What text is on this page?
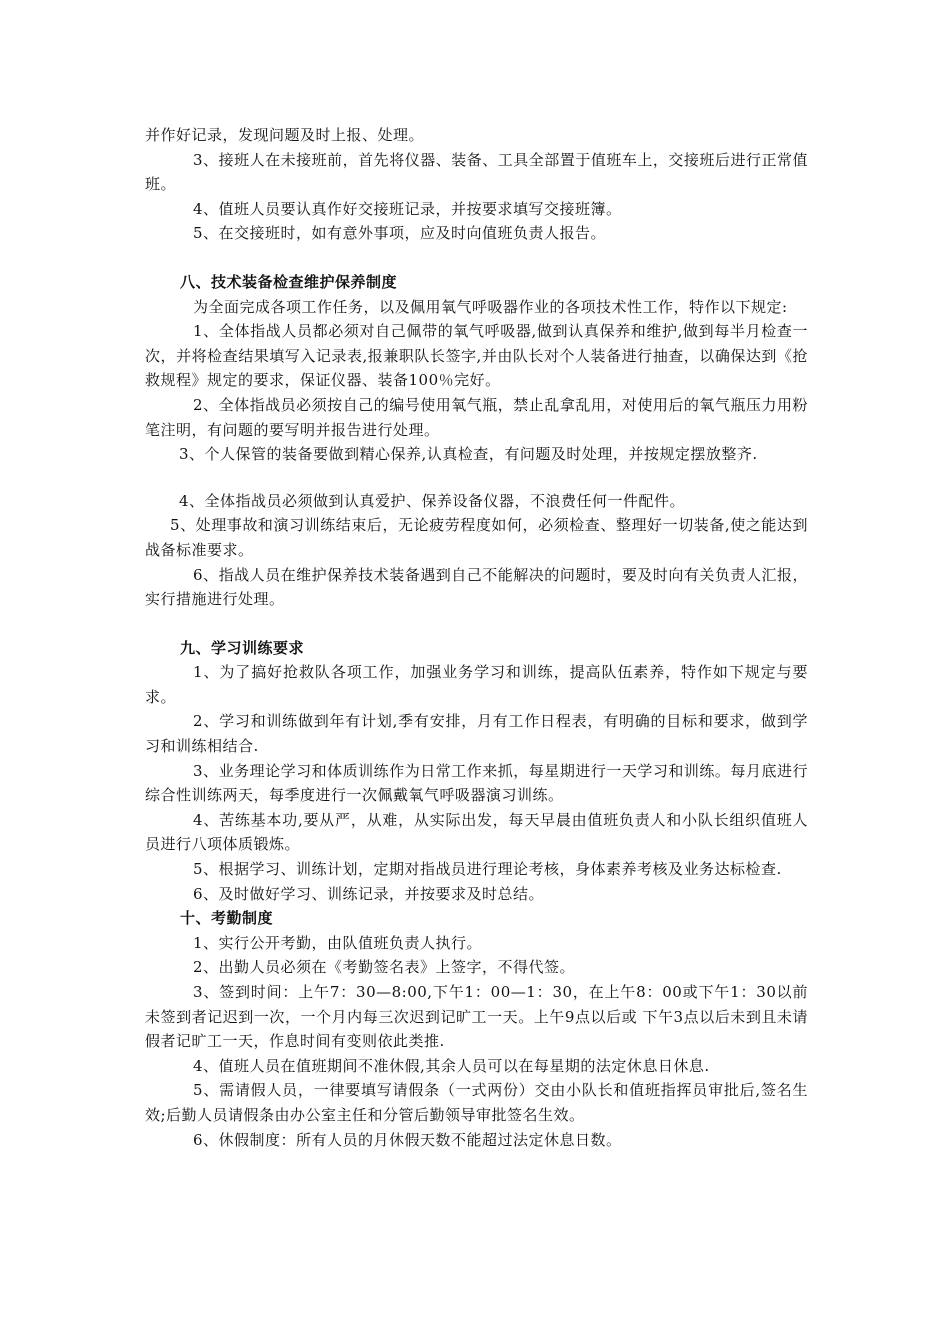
并作好记录，发现问题及时上报、处理。

3、接班人在未接班前，首先将仪器、装备、工具全部置于值班车上，交接班后进行正常值班。

4、值班人员要认真作好交接班记录，并按要求填写交接班簿。

5、在交接班时，如有意外事项，应及时向值班负责人报告。

八、技术装备检查维护保养制度

为全面完成各项工作任务，以及佩用氧气呼吸器作业的各项技术性工作，特作以下规定:

1、全体指战人员都必须对自己佩带的氧气呼吸器,做到认真保养和维护,做到每半月检查一次，并将检查结果填写入记录表,报兼职队长签字,并由队长对个人装备进行抽查，以确保达到《抢救规程》规定的要求，保证仪器、装备100％完好。

2、全体指战员必须按自己的编号使用氧气瓶，禁止乱拿乱用，对使用后的氧气瓶压力用粉笔注明，有问题的要写明并报告进行处理。

3、个人保管的装备要做到精心保养,认真检查，有问题及时处理，并按规定摆放整齐.

4、全体指战员必须做到认真爱护、保养设备仪器，不浪费任何一件配件。

5、处理事故和演习训练结束后，无论疲劳程度如何，必须检查、整理好一切装备,使之能达到战备标准要求。

6、指战人员在维护保养技术装备遇到自己不能解决的问题时，要及时向有关负责人汇报，实行措施进行处理。

九、学习训练要求

1、为了搞好抢救队各项工作，加强业务学习和训练，提高队伍素养，特作如下规定与要求。

2、学习和训练做到年有计划,季有安排，月有工作日程表，有明确的目标和要求，做到学习和训练相结合.

3、业务理论学习和体质训练作为日常工作来抓，每星期进行一天学习和训练。每月底进行综合性训练两天，每季度进行一次佩戴氧气呼吸器演习训练。

4、苦练基本功,要从严，从难，从实际出发，每天早晨由值班负责人和小队长组织值班人员进行八项体质锻炼。

5、根据学习、训练计划，定期对指战员进行理论考核，身体素养考核及业务达标检查.

6、及时做好学习、训练记录，并按要求及时总结。

十、考勤制度

1、实行公开考勤，由队值班负责人执行。

2、出勤人员必须在《考勤签名表》上签字，不得代签。

3、签到时间：上午7：30—8:00,下午1：00—1：30，在上午8：00或下午1：30以前未签到者记迟到一次，一个月内每三次迟到记旷工一天。上午9点以后或 下午3点以后未到且未请假者记旷工一天，作息时间有变则依此类推.

4、值班人员在值班期间不准休假,其余人员可以在每星期的法定休息日休息.

5、需请假人员，一律要填写请假条（一式两份）交由小队长和值班指挥员审批后,签名生效;后勤人员请假条由办公室主任和分管后勤领导审批签名生效。

6、休假制度：所有人员的月休假天数不能超过法定休息日数。
